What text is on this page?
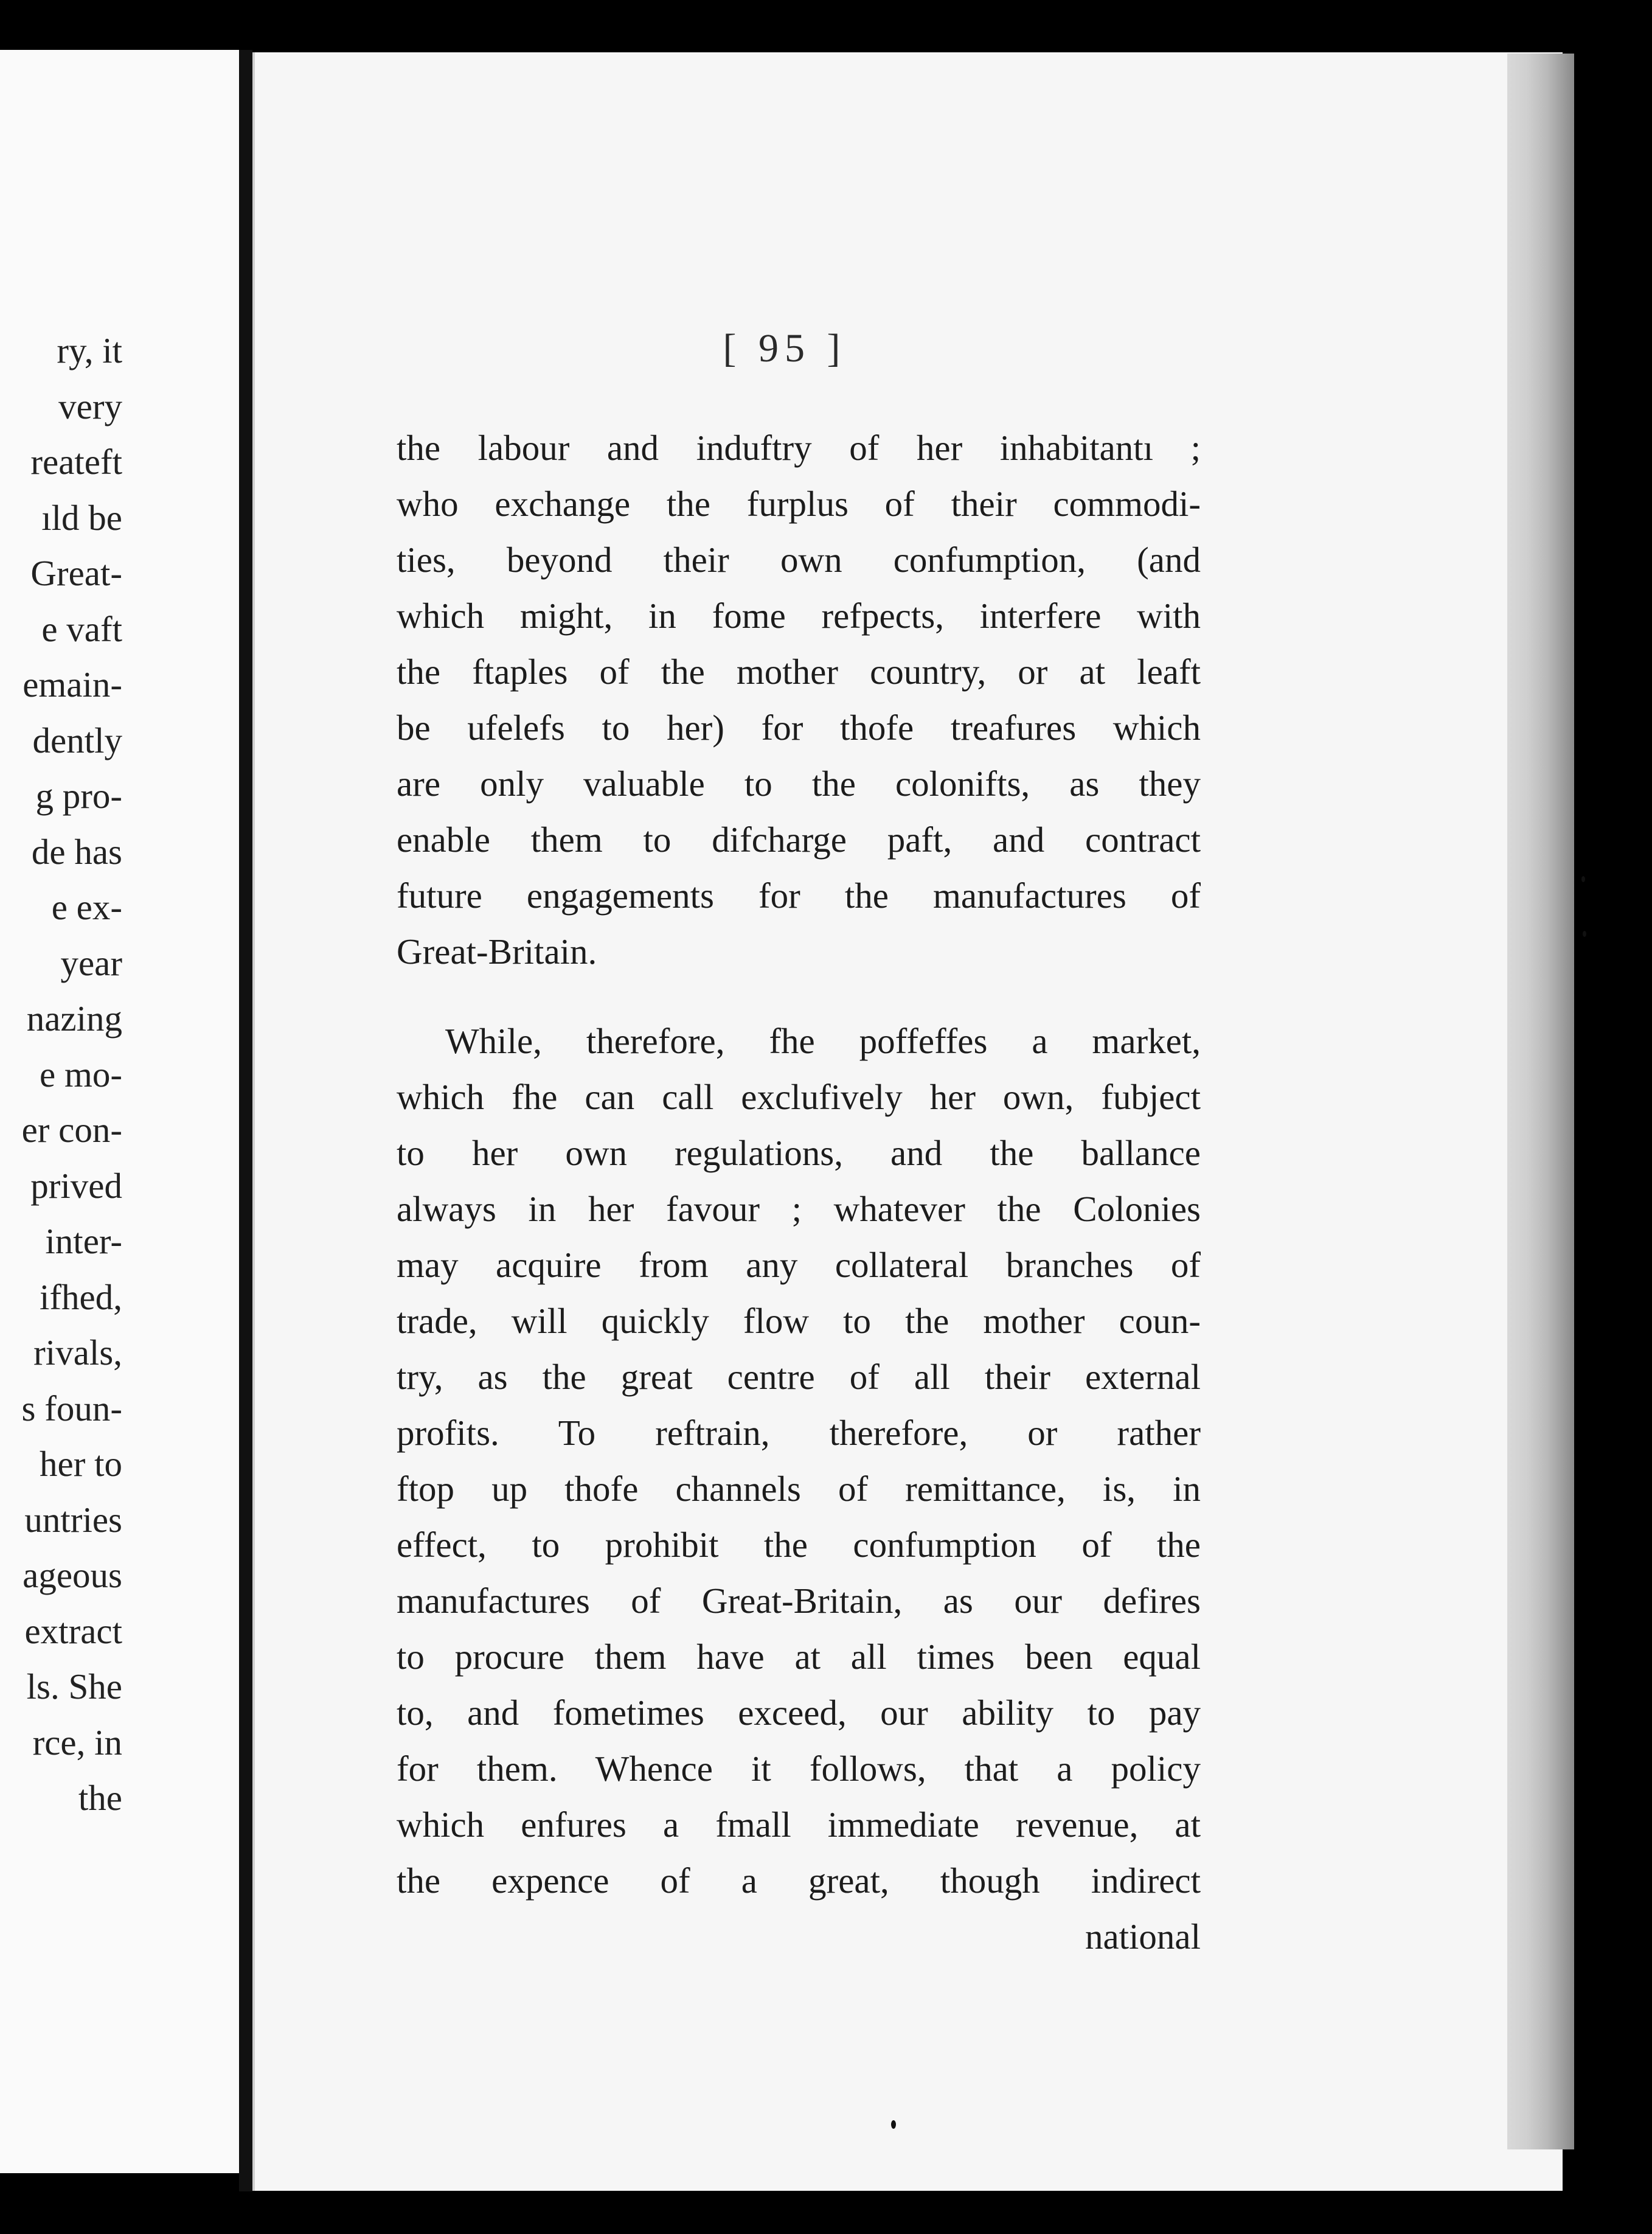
ry, it
very
reateft
ıld be
Great-
e vaft
emain-
dently
g pro-
de has
e ex-
year
nazing
e mo-
er con-
prived
inter-
ifhed,
rivals,
s foun-
her to
untries
ageous
extract
ls. She
rce, in
the
[ 95 ]
the labour and induftry of her inhabitantı ;
who exchange the furplus of their commodi-
ties, beyond their own confumption, (and
which might, in fome refpects, interfere with
the ftaples of the mother country, or at leaft
be ufelefs to her) for thofe treafures which
are only valuable to the colonifts, as they
enable them to difcharge paft, and contract
future engagements for the manufactures of
Great-Britain.
While, therefore, fhe poffeffes a market,
which fhe can call exclufively her own, fubject
to her own regulations, and the ballance
always in her favour ; whatever the Colonies
may acquire from any collateral branches of
trade, will quickly flow to the mother coun-
try, as the great centre of all their external
profits. To reftrain, therefore, or rather
ftop up thofe channels of remittance, is, in
effect, to prohibit the confumption of the
manufactures of Great-Britain, as our defires
to procure them have at all times been equal
to, and fometimes exceed, our ability to pay
for them. Whence it follows, that a policy
which enfures a fmall immediate revenue, at
the expence of a great, though indirect
national
